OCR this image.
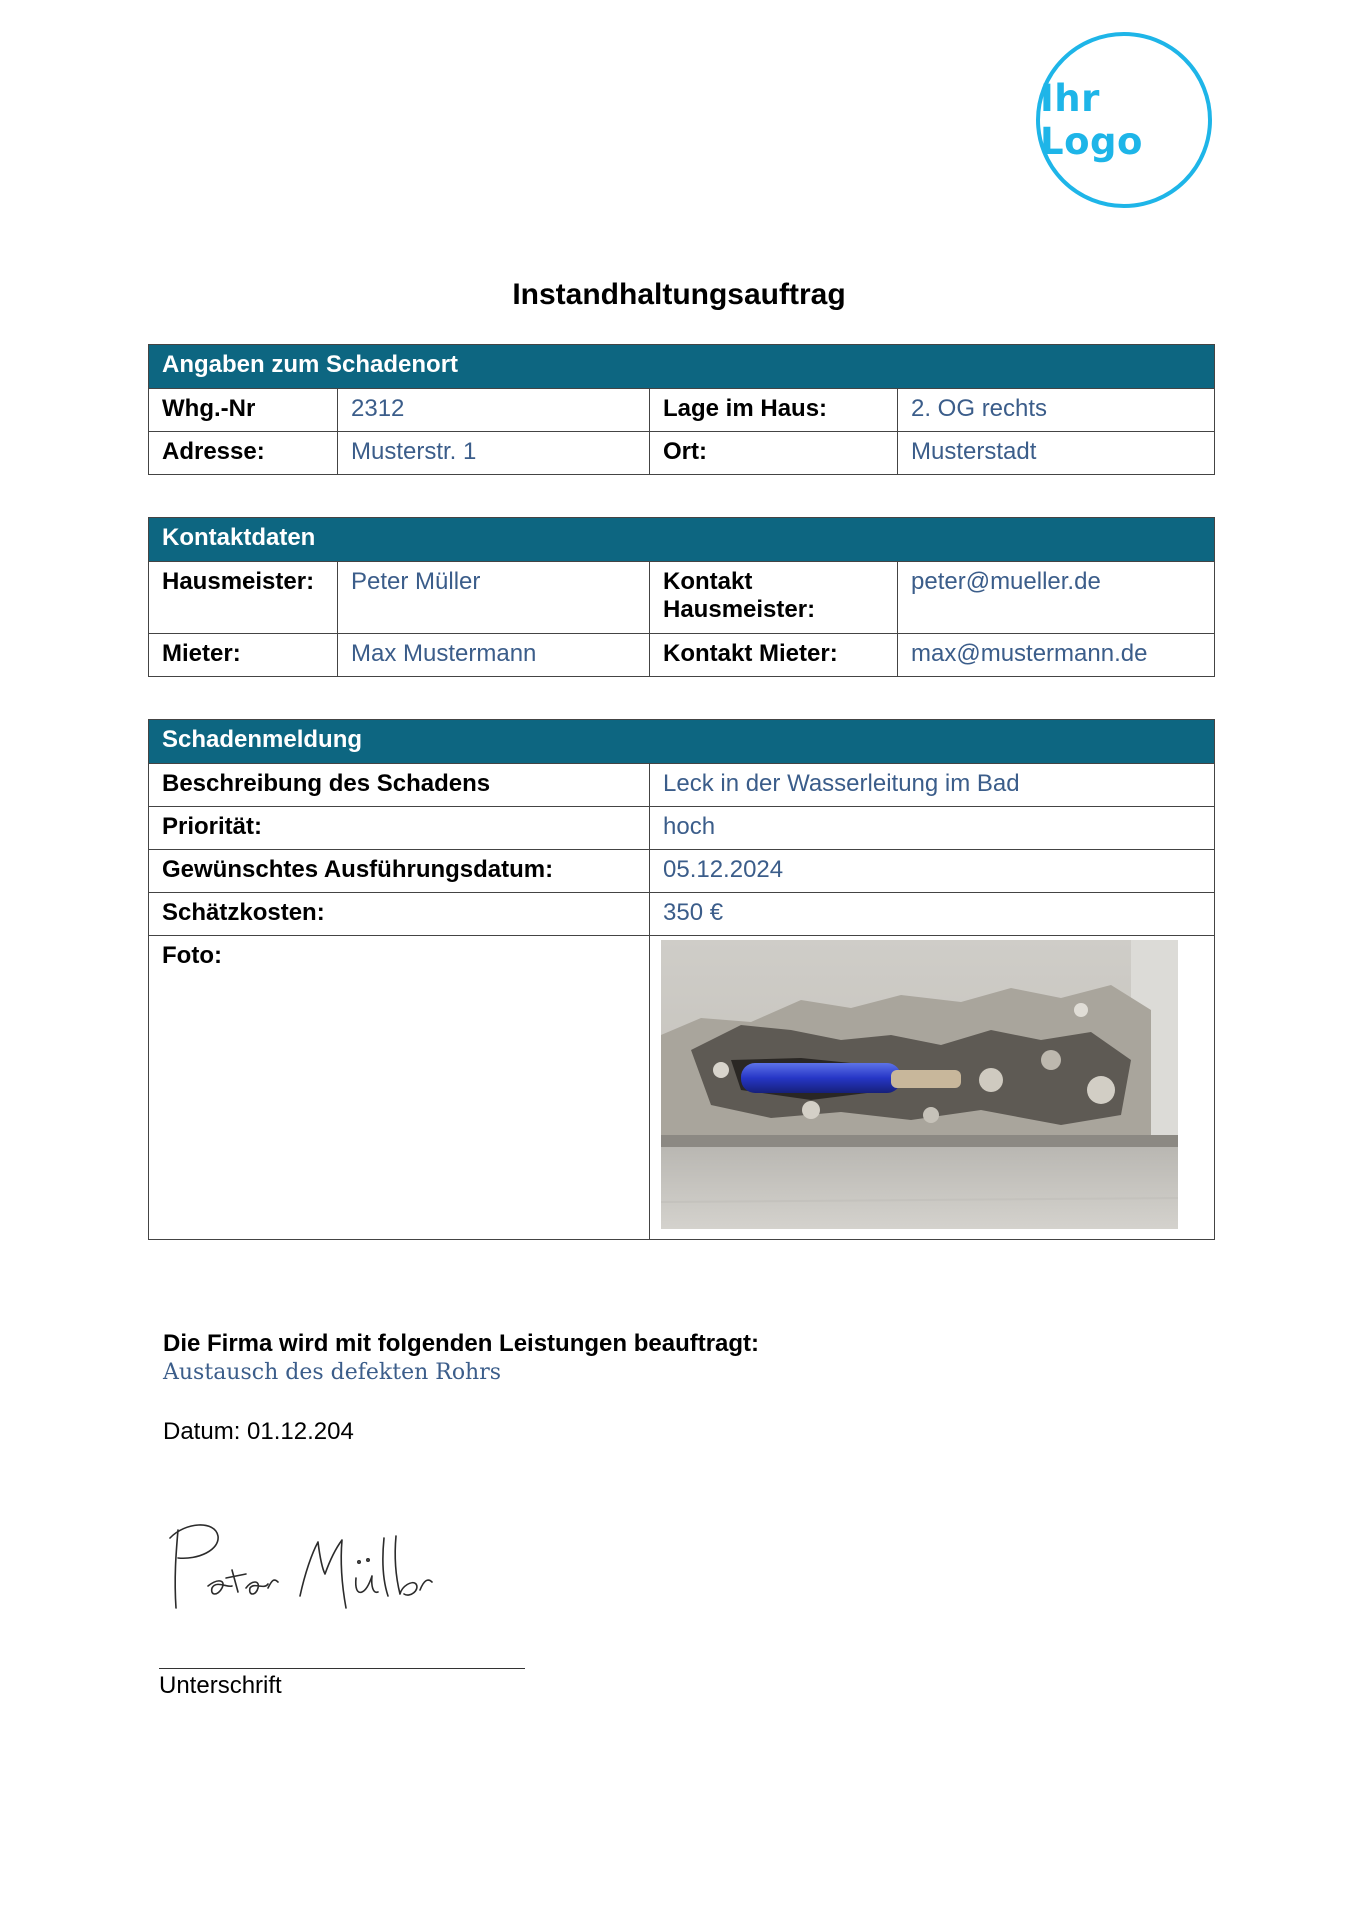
Ihr Logo
Instandhaltungsauftrag
Angaben zum Schadenort			
Whg.-Nr	2312	Lage im Haus:	2. OG rechts
Adresse:	Musterstr. 1	Ort:	Musterstadt
Kontaktdaten			
Hausmeister:	Peter Müller	Kontakt Hausmeister:	peter@mueller.de
Mieter:	Max Mustermann	Kontakt Mieter:	max@mustermann.de
Schadenmeldung	
Beschreibung des Schadens	Leck in der Wasserleitung im Bad
Priorität:	hoch
Gewünschtes Ausführungsdatum:	05.12.2024
Schätzkosten:	350 €
Foto:	
Die Firma wird mit folgenden Leistungen beauftragt:
Austausch des defekten Rohrs
Datum: 01.12.204
Unterschrift
